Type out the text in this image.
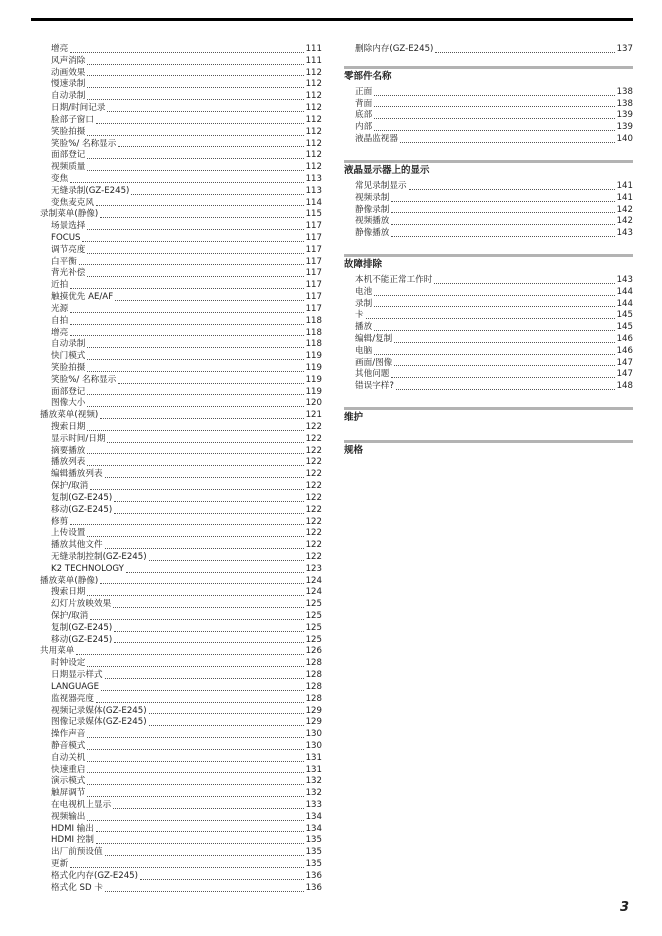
增亮	111
风声消除	111
动画效果	112
慢速录制	112
自动录制	112
日期/时间记录	112
脸部子窗口	112
笑脸拍摄	112
笑脸%/ 名称显示	112
面部登记	112
视频质量	112
变焦	113
无缝录制(GZ-E245)	113
变焦麦克风	114
录制菜单(静像)	115
场景选择	117
FOCUS	117
调节亮度	117
白平衡	117
背光补偿	117
近拍	117
触摸优先 AE/AF	117
光源	117
自拍	118
增亮	118
自动录制	118
快门模式	119
笑脸拍摄	119
笑脸%/ 名称显示	119
面部登记	119
图像大小	120
播放菜单(视频)	121
搜索日期	122
显示时间/日期	122
摘要播放	122
播放列表	122
编辑播放列表	122
保护/取消	122
复制(GZ-E245)	122
移动(GZ-E245)	122
修剪	122
上传设置	122
播放其他文件	122
无缝录制控制(GZ-E245)	122
K2 TECHNOLOGY	123
播放菜单(静像)	124
搜索日期	124
幻灯片放映效果	125
保护/取消	125
复制(GZ-E245)	125
移动(GZ-E245)	125
共用菜单	126
时钟设定	128
日期显示样式	128
LANGUAGE	128
监视器亮度	128
视频记录媒体(GZ-E245)	129
图像记录媒体(GZ-E245)	129
操作声音	130
静音模式	130
自动关机	131
快速重启	131
演示模式	132
触屏调节	132
在电视机上显示	133
视频输出	134
HDMI 输出	134
HDMI 控制	135
出厂前预设值	135
更新	135
格式化内存(GZ-E245)	136
格式化 SD 卡	136
删除内存(GZ-E245)	137
零部件名称
正面	138
背面	138
底部	139
内部	139
液晶监视器	140
液晶显示器上的显示
常见录制显示	141
视频录制	141
静像录制	142
视频播放	142
静像播放	143
故障排除
本机不能正常工作时	143
电池	144
录制	144
卡	145
播放	145
编辑/复制	146
电脑	146
画面/图像	147
其他问题	147
错误字样?	148
维护
规格
3
